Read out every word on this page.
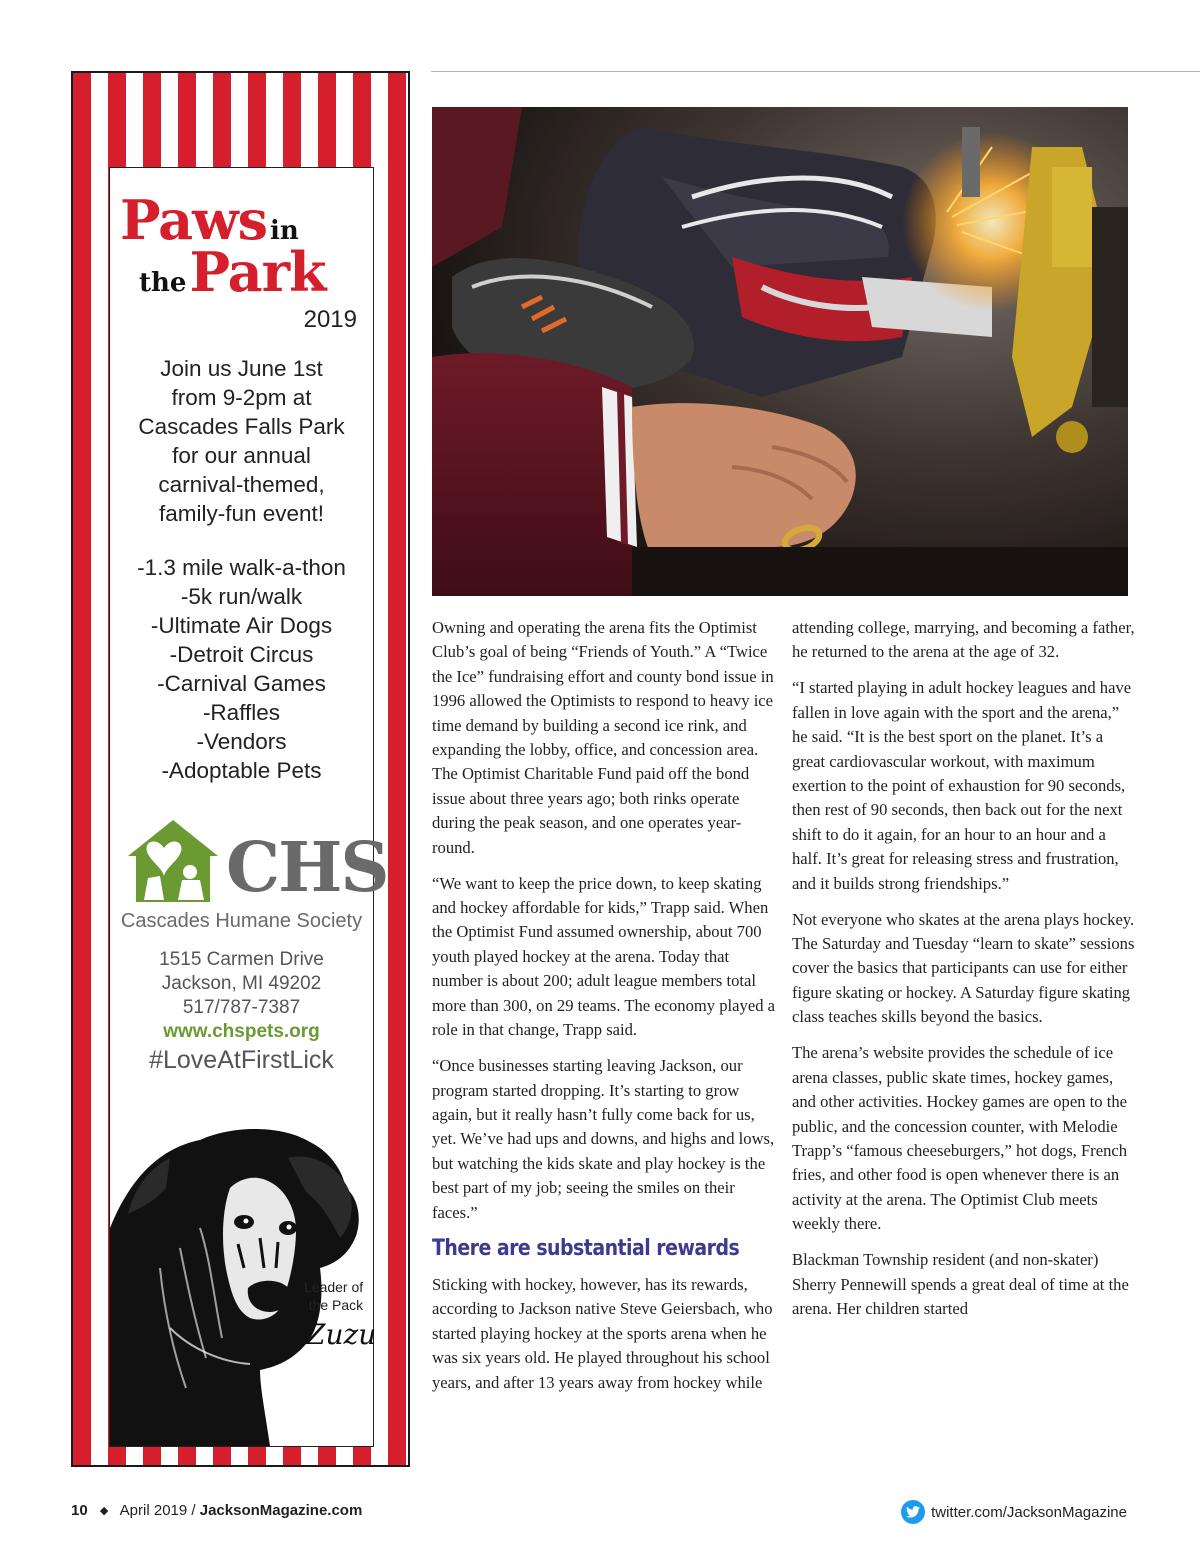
Paws in
thePark
2019
Join us June 1st
from 9-2pm at
Cascades Falls Park
for our annual
carnival-themed,
family-fun event!
-1.3 mile walk-a-thon
-5k run/walk
-Ultimate Air Dogs
-Detroit Circus
-Carnival Games
-Raffles
-Vendors
-Adoptable Pets
CHS
Cascades Humane Society
1515 Carmen Drive
Jackson, MI 49202
517/787-7387
www.chspets.org
#LoveAtFirstLick
Leader of
the Pack
Zuzu

Owning and operating the arena fits the Optimist Club’s goal of being “Friends of Youth.” A “Twice the Ice” fundraising effort and county bond issue in 1996 allowed the Optimists to respond to heavy ice time demand by building a second ice rink, and expanding the lobby, office, and concession area. The Optimist Charitable Fund paid off the bond issue about three years ago; both rinks operate during the peak season, and one operates year-round.

“We want to keep the price down, to keep skating and hockey affordable for kids,” Trapp said. When the Optimist Fund assumed ownership, about 700 youth played hockey at the arena. Today that number is about 200; adult league members total more than 300, on 29 teams. The economy played a role in that change, Trapp said.

“Once businesses starting leaving Jackson, our program started dropping. It’s starting to grow again, but it really hasn’t fully come back for us, yet. We’ve had ups and downs, and highs and lows, but watching the kids skate and play hockey is the best part of my job; seeing the smiles on their faces.”

There are substantial rewards

Sticking with hockey, however, has its rewards, according to Jackson native Steve Geiersbach, who started playing hockey at the sports arena when he was six years old. He played throughout his school years, and after 13 years away from hockey while

attending college, marrying, and becoming a father, he returned to the arena at the age of 32.

“I started playing in adult hockey leagues and have fallen in love again with the sport and the arena,” he said. “It is the best sport on the planet. It’s a great cardiovascular workout, with maximum exertion to the point of exhaustion for 90 seconds, then rest of 90 seconds, then back out for the next shift to do it again, for an hour to an hour and a half. It’s great for releasing stress and frustration, and it builds strong friendships.”

Not everyone who skates at the arena plays hockey. The Saturday and Tuesday “learn to skate” sessions cover the basics that participants can use for either figure skating or hockey. A Saturday figure skating class teaches skills beyond the basics.

The arena’s website provides the schedule of ice arena classes, public skate times, hockey games, and other activities. Hockey games are open to the public, and the concession counter, with Melodie Trapp’s “famous cheeseburgers,” hot dogs, French fries, and other food is open whenever there is an activity at the arena. The Optimist Club meets weekly there.

Blackman Township resident (and non-skater) Sherry Pennewill spends a great deal of time at the arena. Her children started

10 ◆ April 2019 / JacksonMagazine.com	twitter.com/JacksonMagazine
